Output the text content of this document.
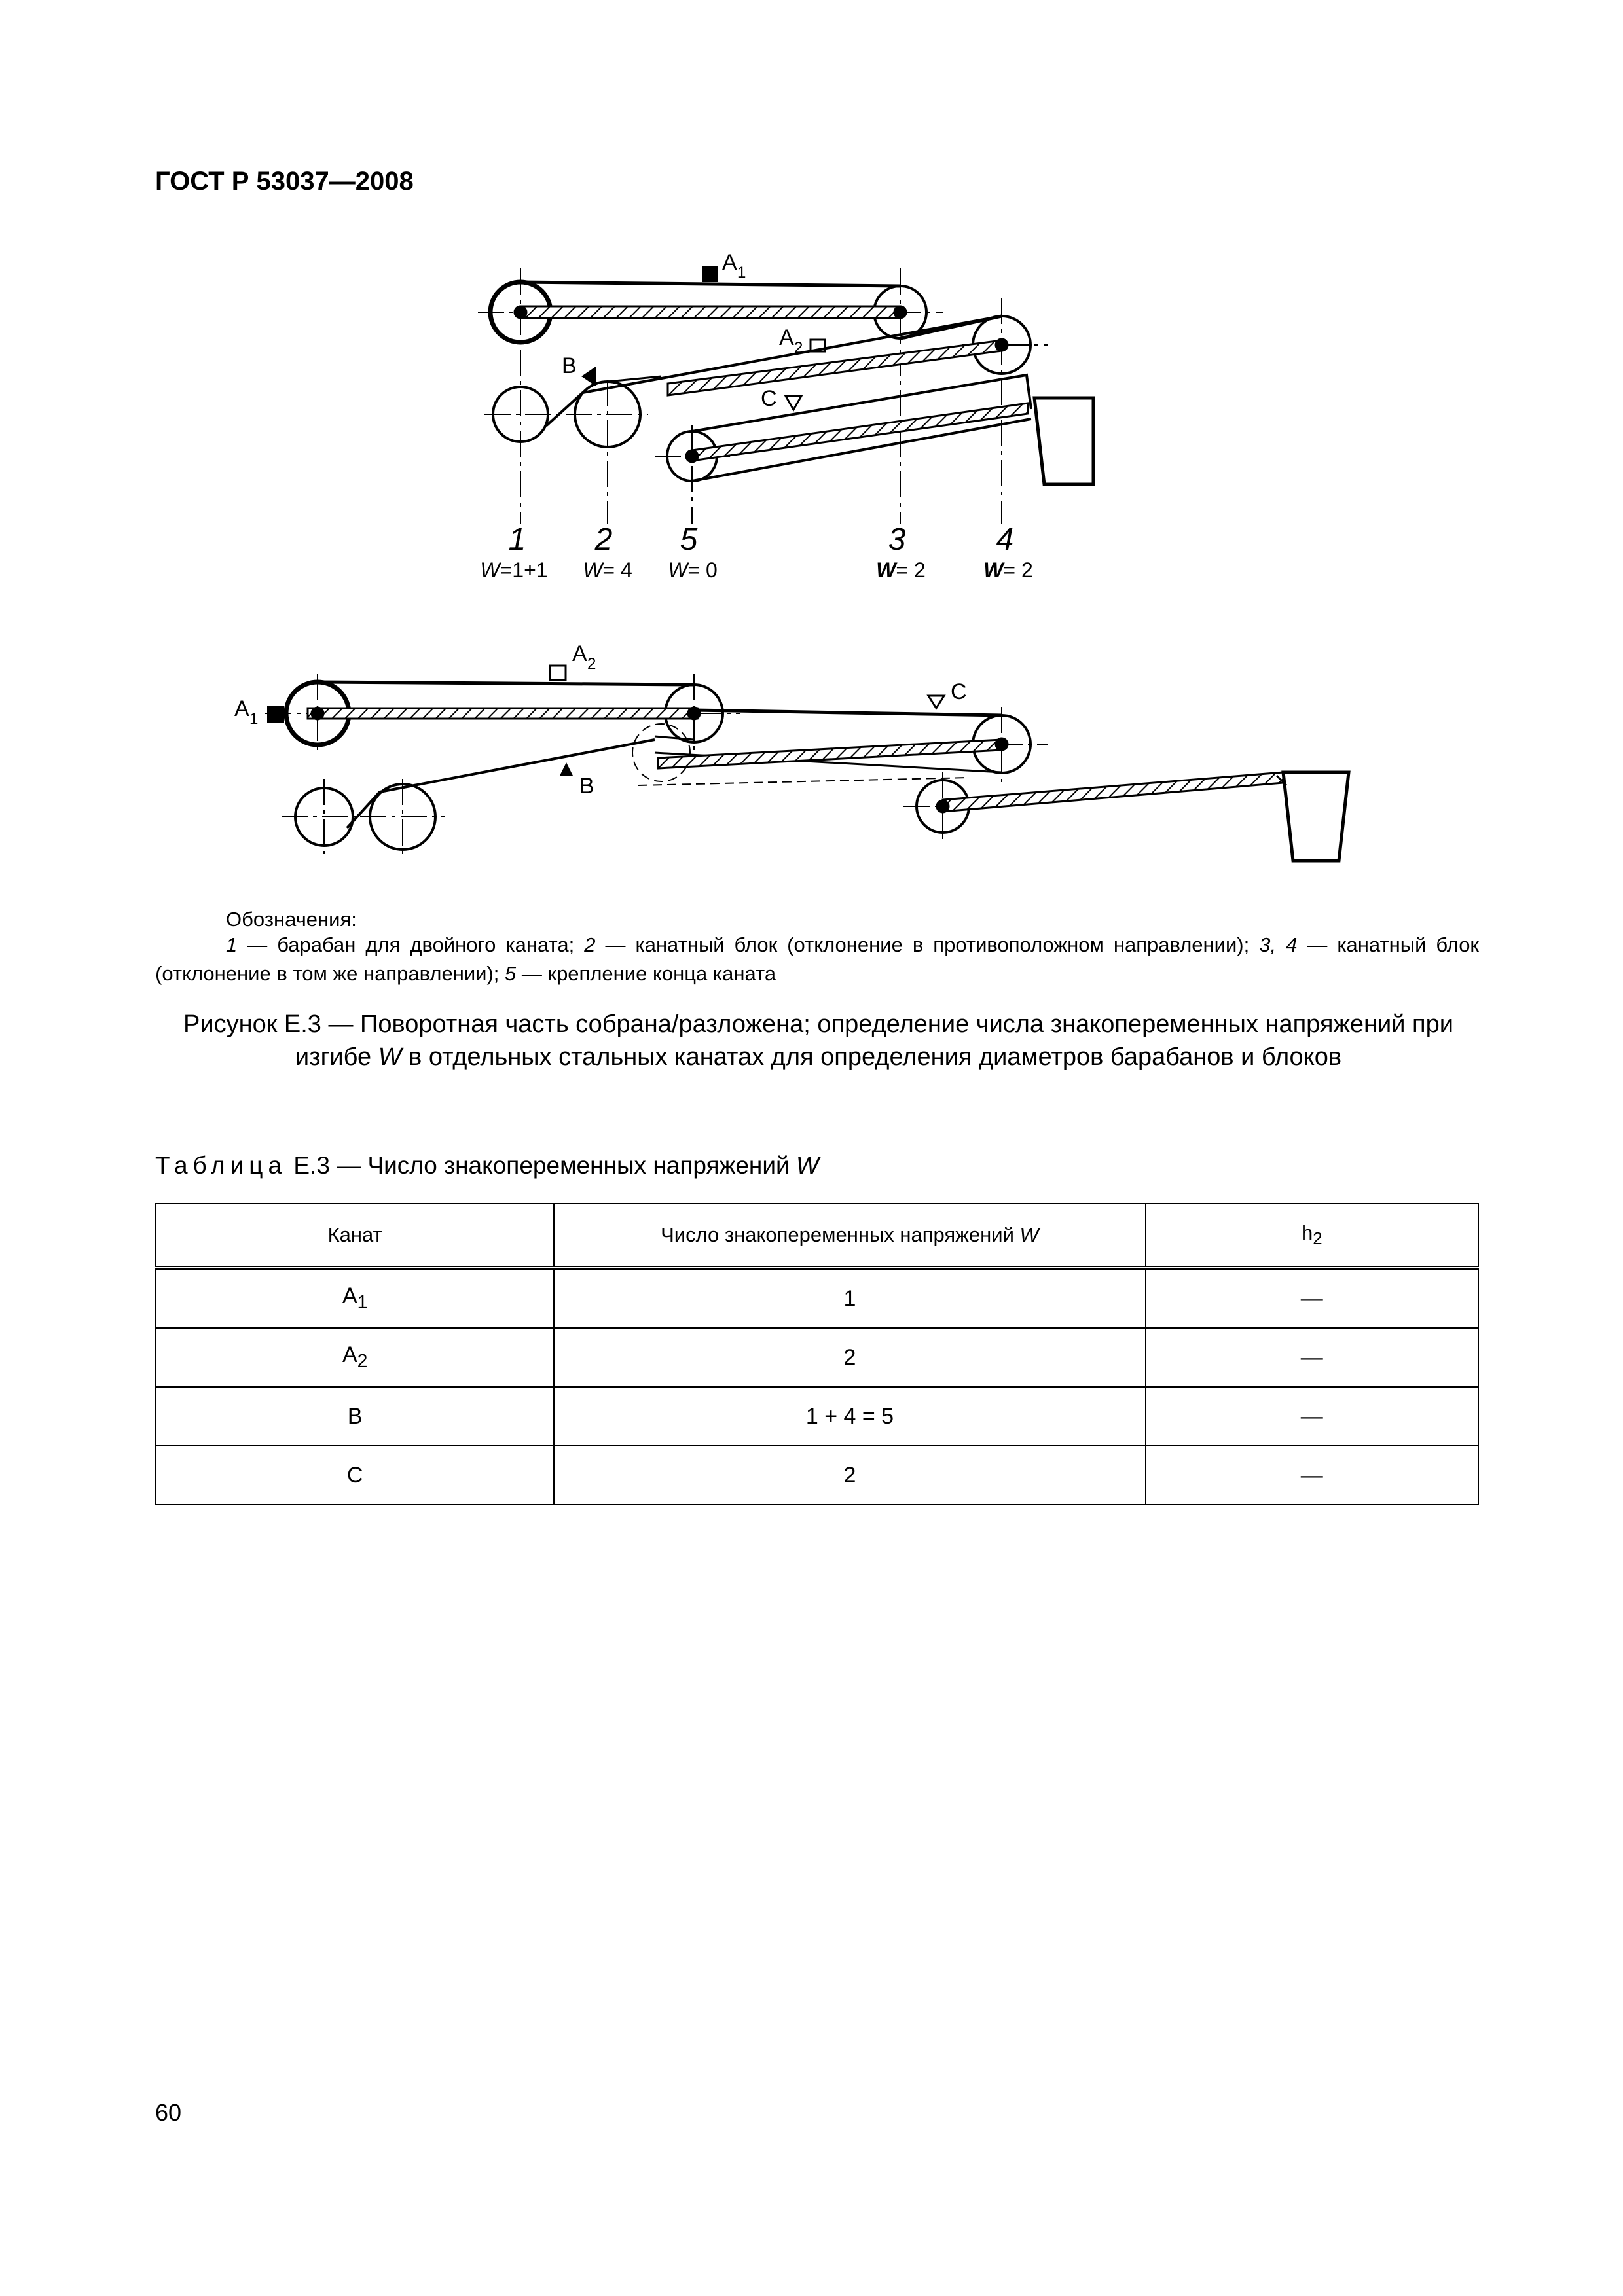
ГОСТ Р 53037—2008
A 1
A 2
B
C
1 2 5	3	4
W=1+1 W= 4 W= 0	W= 2	W= 2
A 1
A 2
B
C
Обозначения:
1 — барабан для двойного каната; 2 — канатный блок (отклонение в противоположном направлении); 3, 4 — канатный блок (отклонение в том же направлении); 5 — крепление конца каната
Рисунок Е.3 — Поворотная часть собрана/разложена; определение числа знакопеременных напряжений при изгибе W в отдельных стальных канатах для определения диаметров барабанов и блоков
Таблица Е.3 — Число знакопеременных напряжений W
Канат	Число знакопеременных напряжений W	$h_2$
$A_1$	1	—
$A_2$	2	—
B	1 + 4 = 5	—
C	2	—
60
